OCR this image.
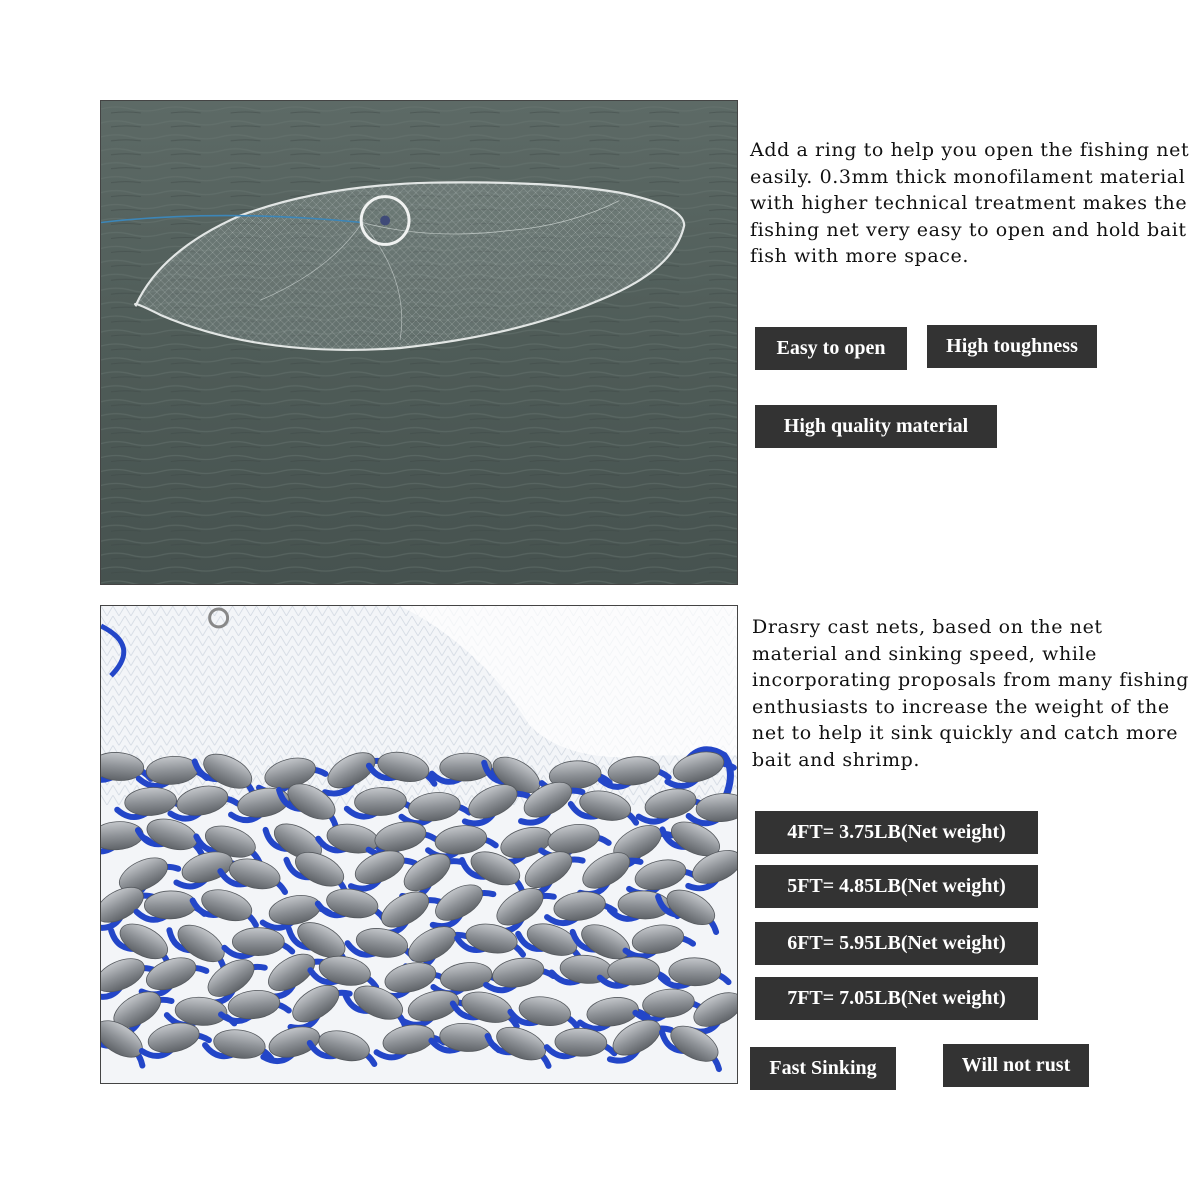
Add a ring to help you open the fishing net easily. 0.3mm thick monofilament material with higher technical treatment makes the fishing net very easy to open and hold bait fish with more space.

Easy to open	High toughness
High quality material

Drasry cast nets, based on the net material and sinking speed, while incorporating proposals from many fishing enthusiasts to increase the weight of the net to help it sink quickly and catch more bait and shrimp.

4FT= 3.75LB(Net weight)
5FT= 4.85LB(Net weight)
6FT= 5.95LB(Net weight)
7FT= 7.05LB(Net weight)
Fast Sinking	Will not rust
